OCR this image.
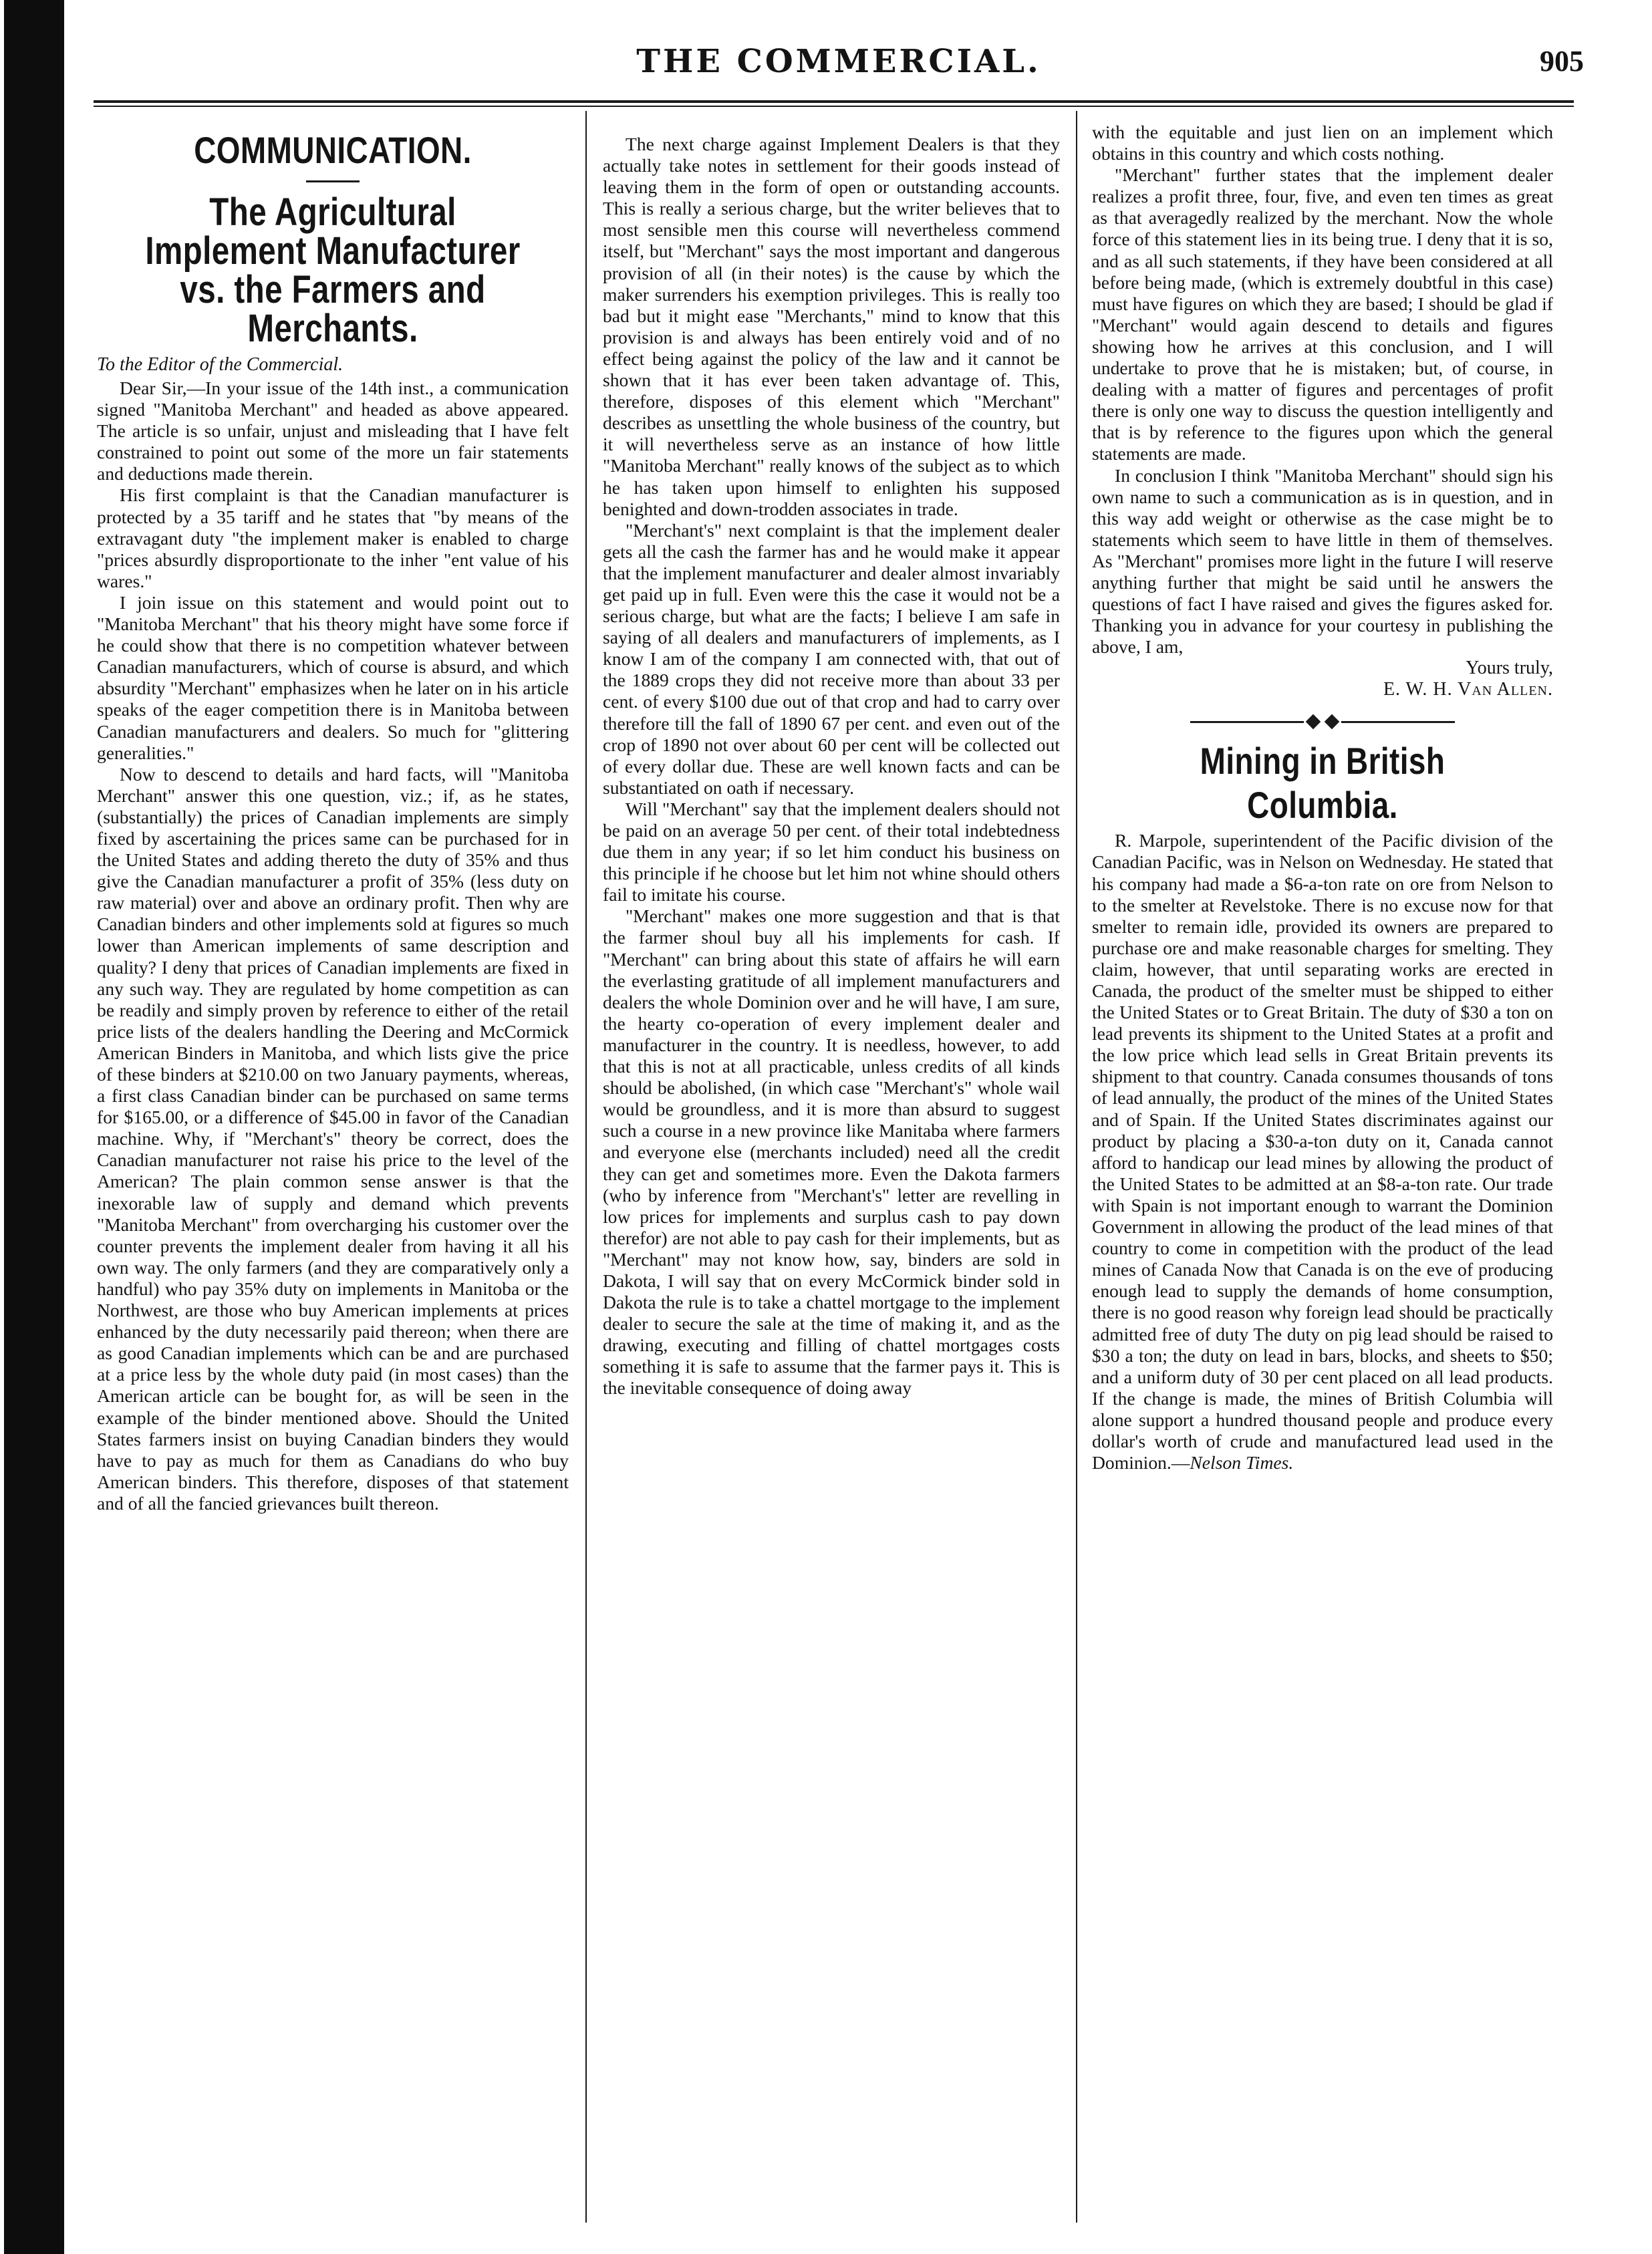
THE COMMERCIAL.	905
COMMUNICATION.
The Agricultural Implement Manufacturer vs. the Farmers and Merchants.
To the Editor of the Commercial.

Dear Sir,—In your issue of the 14th inst., a communication signed "Manitoba Merchant" and headed as above appeared. The article is so unfair, unjust and misleading that I have felt constrained to point out some of the more un fair statements and deductions made therein.

His first complaint is that the Canadian manufacturer is protected by a 35 tariff and he states that "by means of the extravagant duty "the implement maker is enabled to charge "prices absurdly disproportionate to the inher "ent value of his wares."

I join issue on this statement and would point out to "Manitoba Merchant" that his theory might have some force if he could show that there is no competition whatever between Canadian manufacturers, which of course is absurd, and which absurdity "Merchant" emphasizes when he later on in his article speaks of the eager competition there is in Manitoba between Canadian manufacturers and dealers. So much for "glittering generalities."

Now to descend to details and hard facts, will "Manitoba Merchant" answer this one question, viz.; if, as he states, (substantially) the prices of Canadian implements are simply fixed by ascertaining the prices same can be purchased for in the United States and adding thereto the duty of 35% and thus give the Canadian manufacturer a profit of 35% (less duty on raw material) over and above an ordinary profit. Then why are Canadian binders and other implements sold at figures so much lower than American implements of same description and quality? I deny that prices of Canadian implements are fixed in any such way. They are regulated by home competition as can be readily and simply proven by reference to either of the retail price lists of the dealers handling the Deering and McCormick American Binders in Manitoba, and which lists give the price of these binders at $210.00 on two January payments, whereas, a first class Canadian binder can be purchased on same terms for $165.00, or a difference of $45.00 in favor of the Canadian machine. Why, if "Merchant's" theory be correct, does the Canadian manufacturer not raise his price to the level of the American? The plain common sense answer is that the inexorable law of supply and demand which prevents "Manitoba Merchant" from overcharging his customer over the counter prevents the implement dealer from having it all his own way. The only farmers (and they are comparatively only a handful) who pay 35% duty on implements in Manitoba or the Northwest, are those who buy American implements at prices enhanced by the duty necessarily paid thereon; when there are as good Canadian implements which can be and are purchased at a price less by the whole duty paid (in most cases) than the American article can be bought for, as will be seen in the example of the binder mentioned above. Should the United States farmers insist on buying Canadian binders they would have to pay as much for them as Canadians do who buy American binders. This therefore, disposes of that statement and of all the fancied grievances built thereon.

The next charge against Implement Dealers is that they actually take notes in settlement for their goods instead of leaving them in the form of open or outstanding accounts. This is really a serious charge, but the writer believes that to most sensible men this course will nevertheless commend itself, but "Merchant" says the most important and dangerous provision of all (in their notes) is the cause by which the maker surrenders his exemption privileges. This is really too bad but it might ease "Merchants," mind to know that this provision is and always has been entirely void and of no effect being against the policy of the law and it cannot be shown that it has ever been taken advantage of. This, therefore, disposes of this element which "Merchant" describes as unsettling the whole business of the country, but it will nevertheless serve as an instance of how little "Manitoba Merchant" really knows of the subject as to which he has taken upon himself to enlighten his supposed benighted and down-trodden associates in trade.

"Merchant's" next complaint is that the implement dealer gets all the cash the farmer has and he would make it appear that the implement manufacturer and dealer almost invariably get paid up in full. Even were this the case it would not be a serious charge, but what are the facts; I believe I am safe in saying of all dealers and manufacturers of implements, as I know I am of the company I am connected with, that out of the 1889 crops they did not receive more than about 33 per cent. of every $100 due out of that crop and had to carry over therefore till the fall of 1890 67 per cent. and even out of the crop of 1890 not over about 60 per cent will be collected out of every dollar due. These are well known facts and can be substantiated on oath if necessary.

Will "Merchant" say that the implement dealers should not be paid on an average 50 per cent. of their total indebtedness due them in any year; if so let him conduct his business on this principle if he choose but let him not whine should others fail to imitate his course.

"Merchant" makes one more suggestion and that is that the farmer shoul buy all his implements for cash. If "Merchant" can bring about this state of affairs he will earn the everlasting gratitude of all implement manufacturers and dealers the whole Dominion over and he will have, I am sure, the hearty co-operation of every implement dealer and manufacturer in the country. It is needless, however, to add that this is not at all practicable, unless credits of all kinds should be abolished, (in which case "Merchant's" whole wail would be groundless, and it is more than absurd to suggest such a course in a new province like Manitaba where farmers and everyone else (merchants included) need all the credit they can get and sometimes more. Even the Dakota farmers (who by inference from "Merchant's" letter are revelling in low prices for implements and surplus cash to pay down therefor) are not able to pay cash for their implements, but as "Merchant" may not know how, say, binders are sold in Dakota, I will say that on every McCormick binder sold in Dakota the rule is to take a chattel mortgage to the implement dealer to secure the sale at the time of making it, and as the drawing, executing and filling of chattel mortgages costs something it is safe to assume that the farmer pays it. This is the inevitable consequence of doing away

with the equitable and just lien on an implement which obtains in this country and which costs nothing.

"Merchant" further states that the implement dealer realizes a profit three, four, five, and even ten times as great as that averagedly realized by the merchant. Now the whole force of this statement lies in its being true. I deny that it is so, and as all such statements, if they have been considered at all before being made, (which is extremely doubtful in this case) must have figures on which they are based; I should be glad if "Merchant" would again descend to details and figures showing how he arrives at this conclusion, and I will undertake to prove that he is mistaken; but, of course, in dealing with a matter of figures and percentages of profit there is only one way to discuss the question intelligently and that is by reference to the figures upon which the general statements are made.

In conclusion I think "Manitoba Merchant" should sign his own name to such a communication as is in question, and in this way add weight or otherwise as the case might be to statements which seem to have little in them of themselves. As "Merchant" promises more light in the future I will reserve anything further that might be said until he answers the questions of fact I have raised and gives the figures asked for. Thanking you in advance for your courtesy in publishing the above, I am,

Yours truly,
E. W. H. Van Allen.
Mining in British Columbia.

R. Marpole, superintendent of the Pacific division of the Canadian Pacific, was in Nelson on Wednesday. He stated that his company had made a $6-a-ton rate on ore from Nelson to to the smelter at Revelstoke. There is no excuse now for that smelter to remain idle, provided its owners are prepared to purchase ore and make reasonable charges for smelting. They claim, however, that until separating works are erected in Canada, the product of the smelter must be shipped to either the United States or to Great Britain. The duty of $30 a ton on lead prevents its shipment to the United States at a profit and the low price which lead sells in Great Britain prevents its shipment to that country. Canada consumes thousands of tons of lead annually, the product of the mines of the United States and of Spain. If the United States discriminates against our product by placing a $30-a-ton duty on it, Canada cannot afford to handicap our lead mines by allowing the product of the United States to be admitted at an $8-a-ton rate. Our trade with Spain is not important enough to warrant the Dominion Government in allowing the product of the lead mines of that country to come in competition with the product of the lead mines of Canada Now that Canada is on the eve of producing enough lead to supply the demands of home consumption, there is no good reason why foreign lead should be practically admitted free of duty The duty on pig lead should be raised to $30 a ton; the duty on lead in bars, blocks, and sheets to $50; and a uniform duty of 30 per cent placed on all lead products. If the change is made, the mines of British Columbia will alone support a hundred thousand people and produce every dollar's worth of crude and manufactured lead used in the Dominion.—Nelson Times.
